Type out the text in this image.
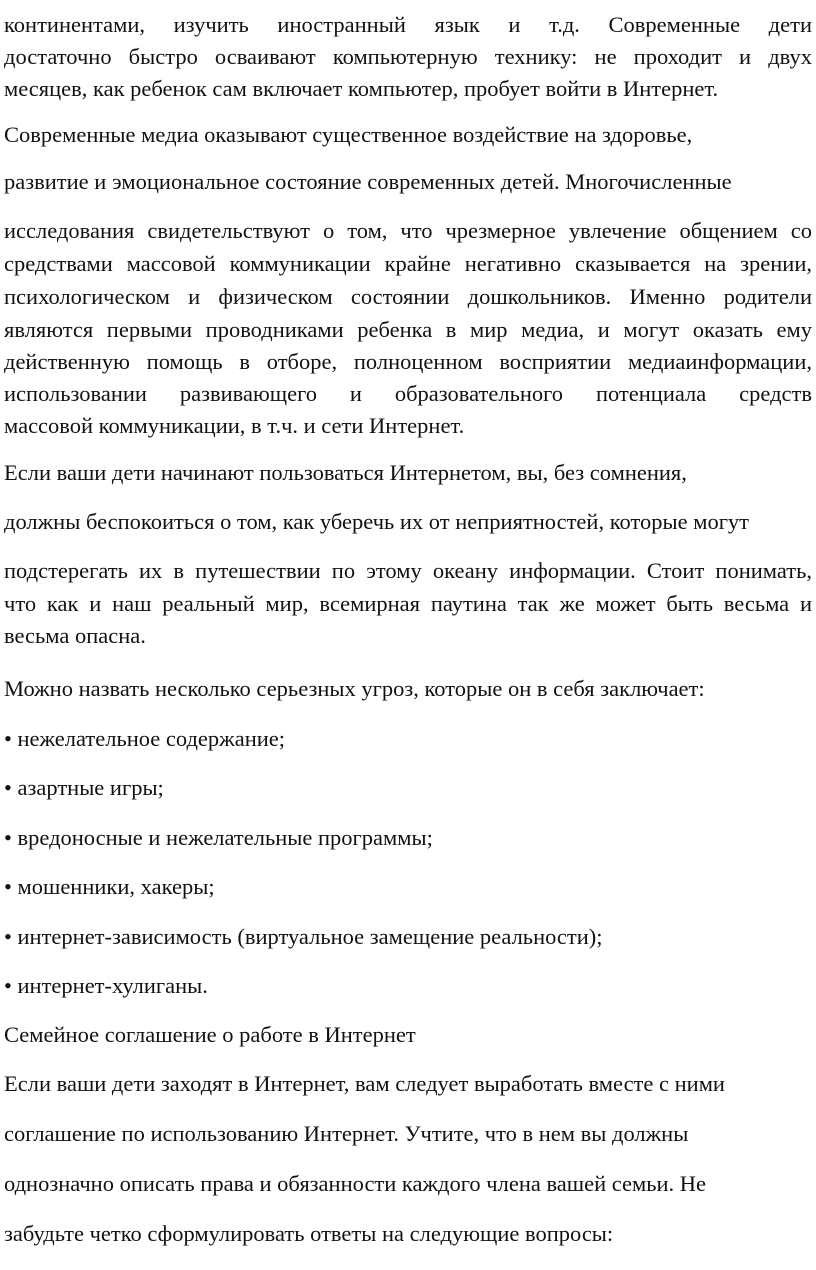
континентами, изучить иностранный язык и т.д. Современные дети
достаточно быстро осваивают компьютерную технику: не проходит и двух
месяцев, как ребенок сам включает компьютер, пробует войти в Интернет.
Современные медиа оказывают существенное воздействие на здоровье,
развитие и эмоциональное состояние современных детей. Многочисленные
исследования свидетельствуют о том, что чрезмерное увлечение общением со
средствами массовой коммуникации крайне негативно сказывается на зрении,
психологическом и физическом состоянии дошкольников. Именно родители
являются первыми проводниками ребенка в мир медиа, и могут оказать ему
действенную помощь в отборе, полноценном восприятии медиаинформации,
использовании развивающего и образовательного потенциала средств
массовой коммуникации, в т.ч. и сети Интернет.
Если ваши дети начинают пользоваться Интернетом, вы, без сомнения,
должны беспокоиться о том, как уберечь их от неприятностей, которые могут
подстерегать их в путешествии по этому океану информации. Стоит понимать,
что как и наш реальный мир, всемирная паутина так же может быть весьма и
весьма опасна.
Можно назвать несколько серьезных угроз, которые он в себя заключает:
• нежелательное содержание;
• азартные игры;
• вредоносные и нежелательные программы;
• мошенники, хакеры;
• интернет-зависимость (виртуальное замещение реальности);
• интернет-хулиганы.
Семейное соглашение о работе в Интернет
Если ваши дети заходят в Интернет, вам следует выработать вместе с ними
соглашение по использованию Интернет. Учтите, что в нем вы должны
однозначно описать права и обязанности каждого члена вашей семьи. Не
забудьте четко сформулировать ответы на следующие вопросы:
